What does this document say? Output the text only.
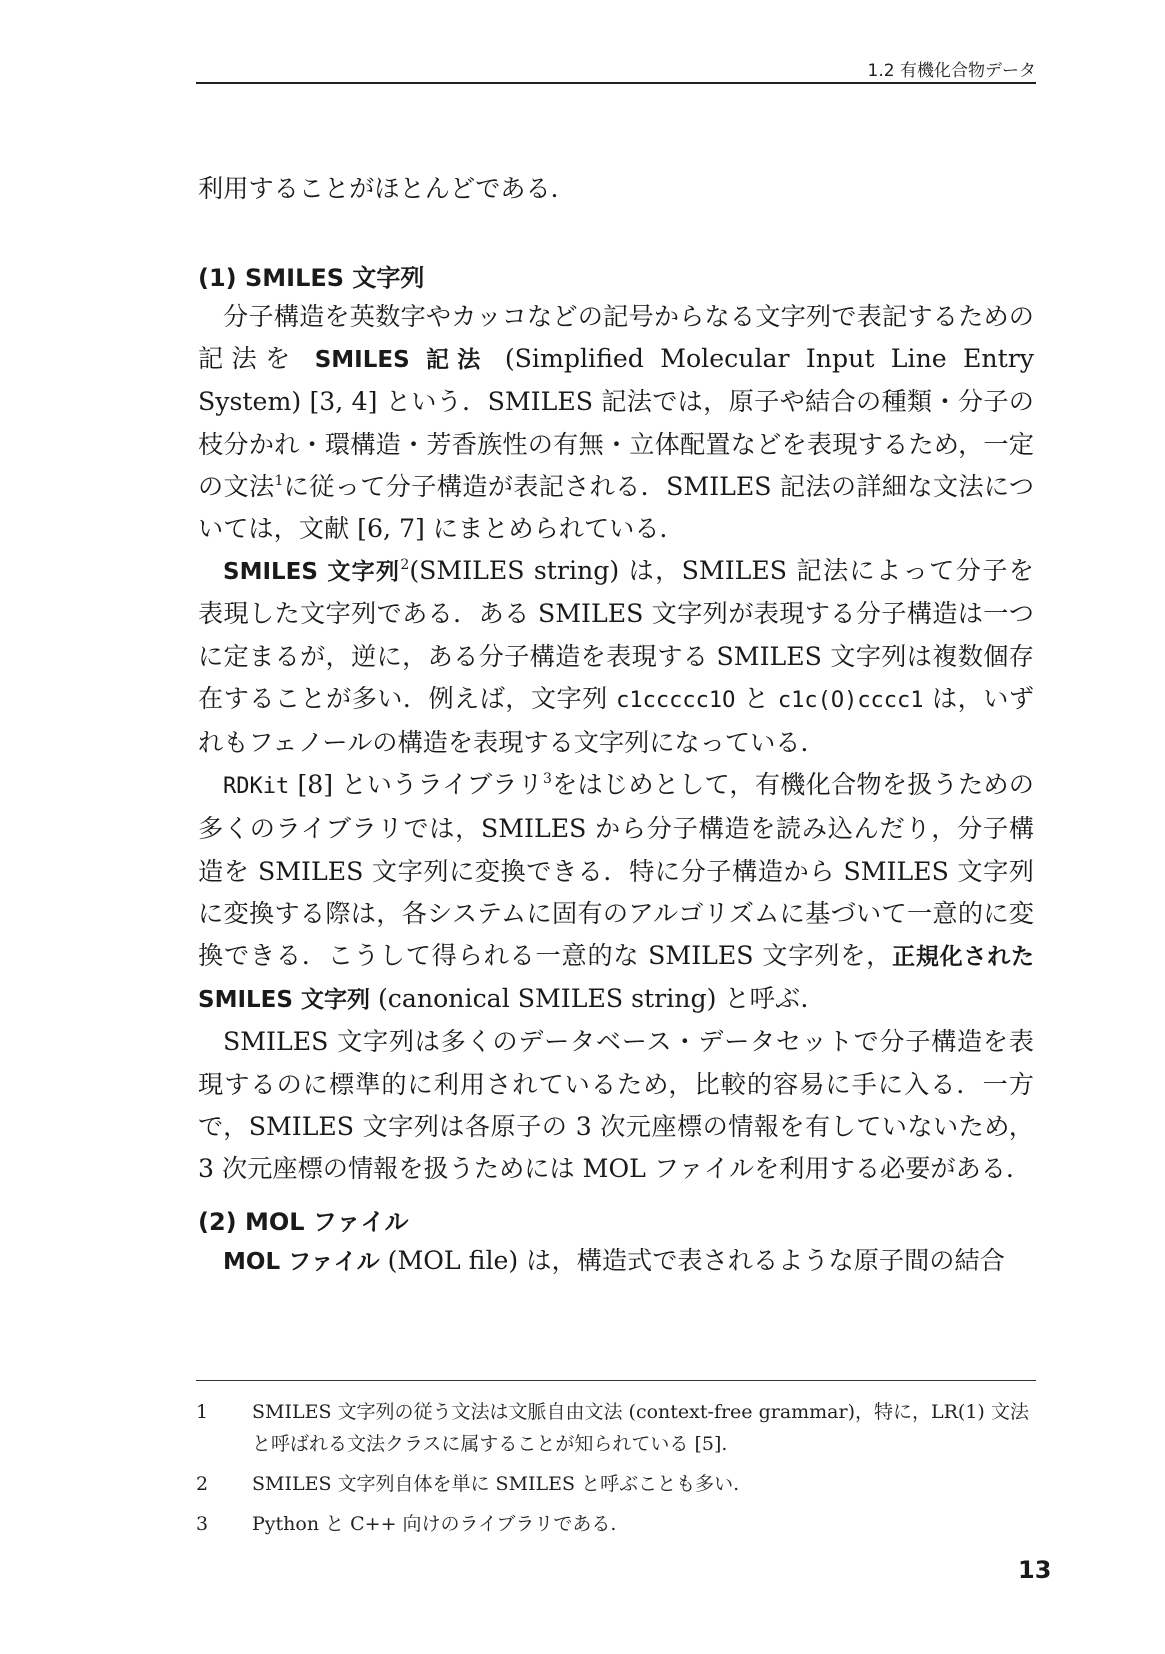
1.2 有機化合物データ

利用することがほとんどである．

(1) SMILES 文字列

分子構造を英数字やカッコなどの記号からなる文字列で表記するための記法を SMILES 記法 (Simplified Molecular Input Line Entry System) [3, 4] という．SMILES 記法では，原子や結合の種類・分子の枝分かれ・環構造・芳香族性の有無・立体配置などを表現するため，一定の文法$^1$に従って分子構造が表記される．SMILES 記法の詳細な文法については，文献 [6, 7] にまとめられている．

SMILES 文字列$^2$(SMILES string) は，SMILES 記法によって分子を表現した文字列である．ある SMILES 文字列が表現する分子構造は一つに定まるが，逆に，ある分子構造を表現する SMILES 文字列は複数個存在することが多い．例えば，文字列 c1ccccc1O と c1c(O)cccc1 は，いずれもフェノールの構造を表現する文字列になっている．

RDKit [8] というライブラリ$^3$をはじめとして，有機化合物を扱うための多くのライブラリでは，SMILES から分子構造を読み込んだり，分子構造を SMILES 文字列に変換できる．特に分子構造から SMILES 文字列に変換する際は，各システムに固有のアルゴリズムに基づいて一意的に変換できる．こうして得られる一意的な SMILES 文字列を，正規化された SMILES 文字列 (canonical SMILES string) と呼ぶ．

SMILES 文字列は多くのデータベース・データセットで分子構造を表現するのに標準的に利用されているため，比較的容易に手に入る．一方で，SMILES 文字列は各原子の 3 次元座標の情報を有していないため，3 次元座標の情報を扱うためには MOL ファイルを利用する必要がある．

(2) MOL ファイル

MOL ファイル (MOL file) は，構造式で表されるような原子間の結合

1	SMILES 文字列の従う文法は文脈自由文法 (context-free grammar)，特に，LR(1) 文法と呼ばれる文法クラスに属することが知られている [5].
2	SMILES 文字列自体を単に SMILES と呼ぶことも多い.
3	Python と C++ 向けのライブラリである.
13
